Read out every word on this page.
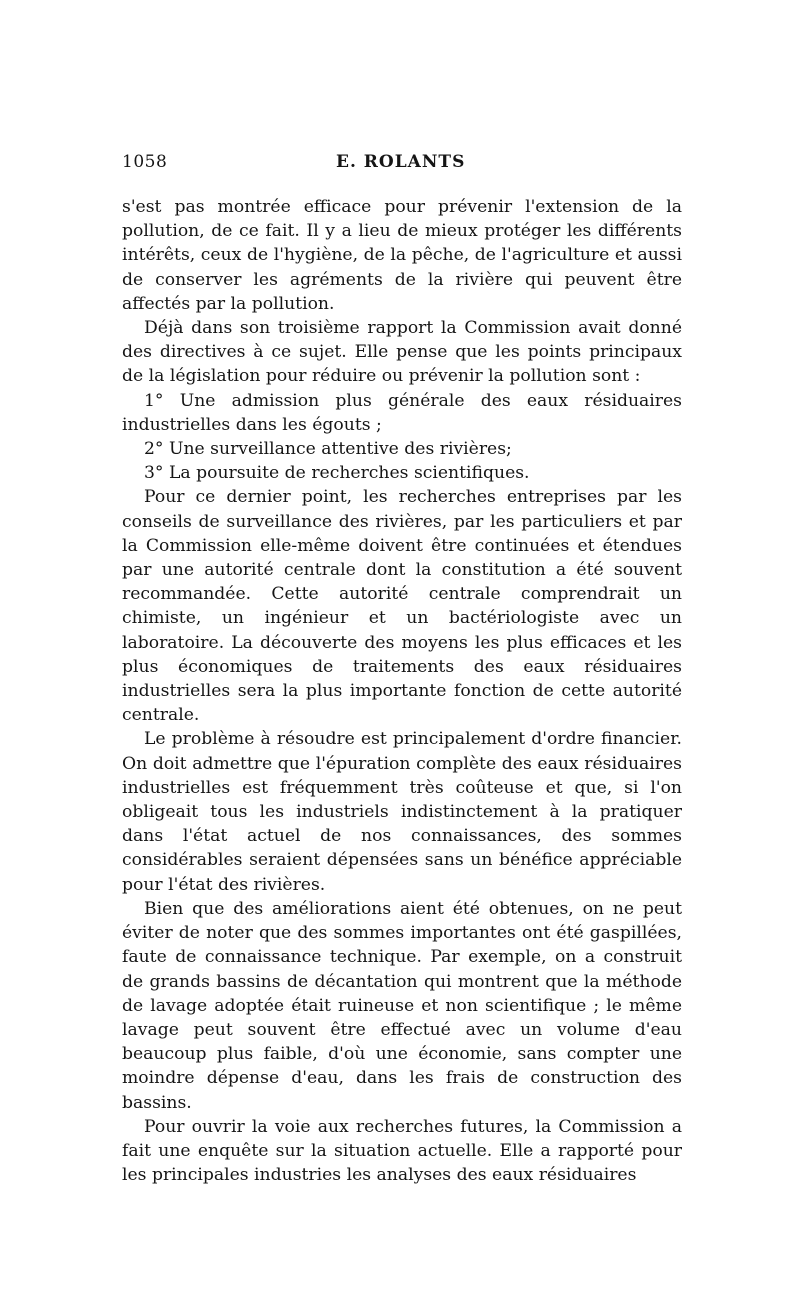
1058	E. ROLANTS

s'est pas montrée efficace pour prévenir l'extension de la pollution, de ce fait. Il y a lieu de mieux protéger les différents intérêts, ceux de l'hygiène, de la pêche, de l'agriculture et aussi de conserver les agréments de la rivière qui peuvent être affectés par la pollution.

Déjà dans son troisième rapport la Commission avait donné des directives à ce sujet. Elle pense que les points principaux de la législation pour réduire ou prévenir la pollution sont :

1° Une admission plus générale des eaux résiduaires industrielles dans les égouts ;

2° Une surveillance attentive des rivières;

3° La poursuite de recherches scientifiques.

Pour ce dernier point, les recherches entreprises par les conseils de surveillance des rivières, par les particuliers et par la Commission elle-même doivent être continuées et étendues par une autorité centrale dont la constitution a été souvent recommandée. Cette autorité centrale comprendrait un chimiste, un ingénieur et un bactériologiste avec un laboratoire. La découverte des moyens les plus efficaces et les plus économiques de traitements des eaux résiduaires industrielles sera la plus importante fonction de cette autorité centrale.

Le problème à résoudre est principalement d'ordre financier. On doit admettre que l'épuration complète des eaux résiduaires industrielles est fréquemment très coûteuse et que, si l'on obligeait tous les industriels indistinctement à la pratiquer dans l'état actuel de nos connaissances, des sommes considérables seraient dépensées sans un bénéfice appréciable pour l'état des rivières.

Bien que des améliorations aient été obtenues, on ne peut éviter de noter que des sommes importantes ont été gaspillées, faute de connaissance technique. Par exemple, on a construit de grands bassins de décantation qui montrent que la méthode de lavage adoptée était ruineuse et non scientifique ; le même lavage peut souvent être effectué avec un volume d'eau beaucoup plus faible, d'où une économie, sans compter une moindre dépense d'eau, dans les frais de construction des bassins.

Pour ouvrir la voie aux recherches futures, la Commission a fait une enquête sur la situation actuelle. Elle a rapporté pour les principales industries les analyses des eaux résiduaires
